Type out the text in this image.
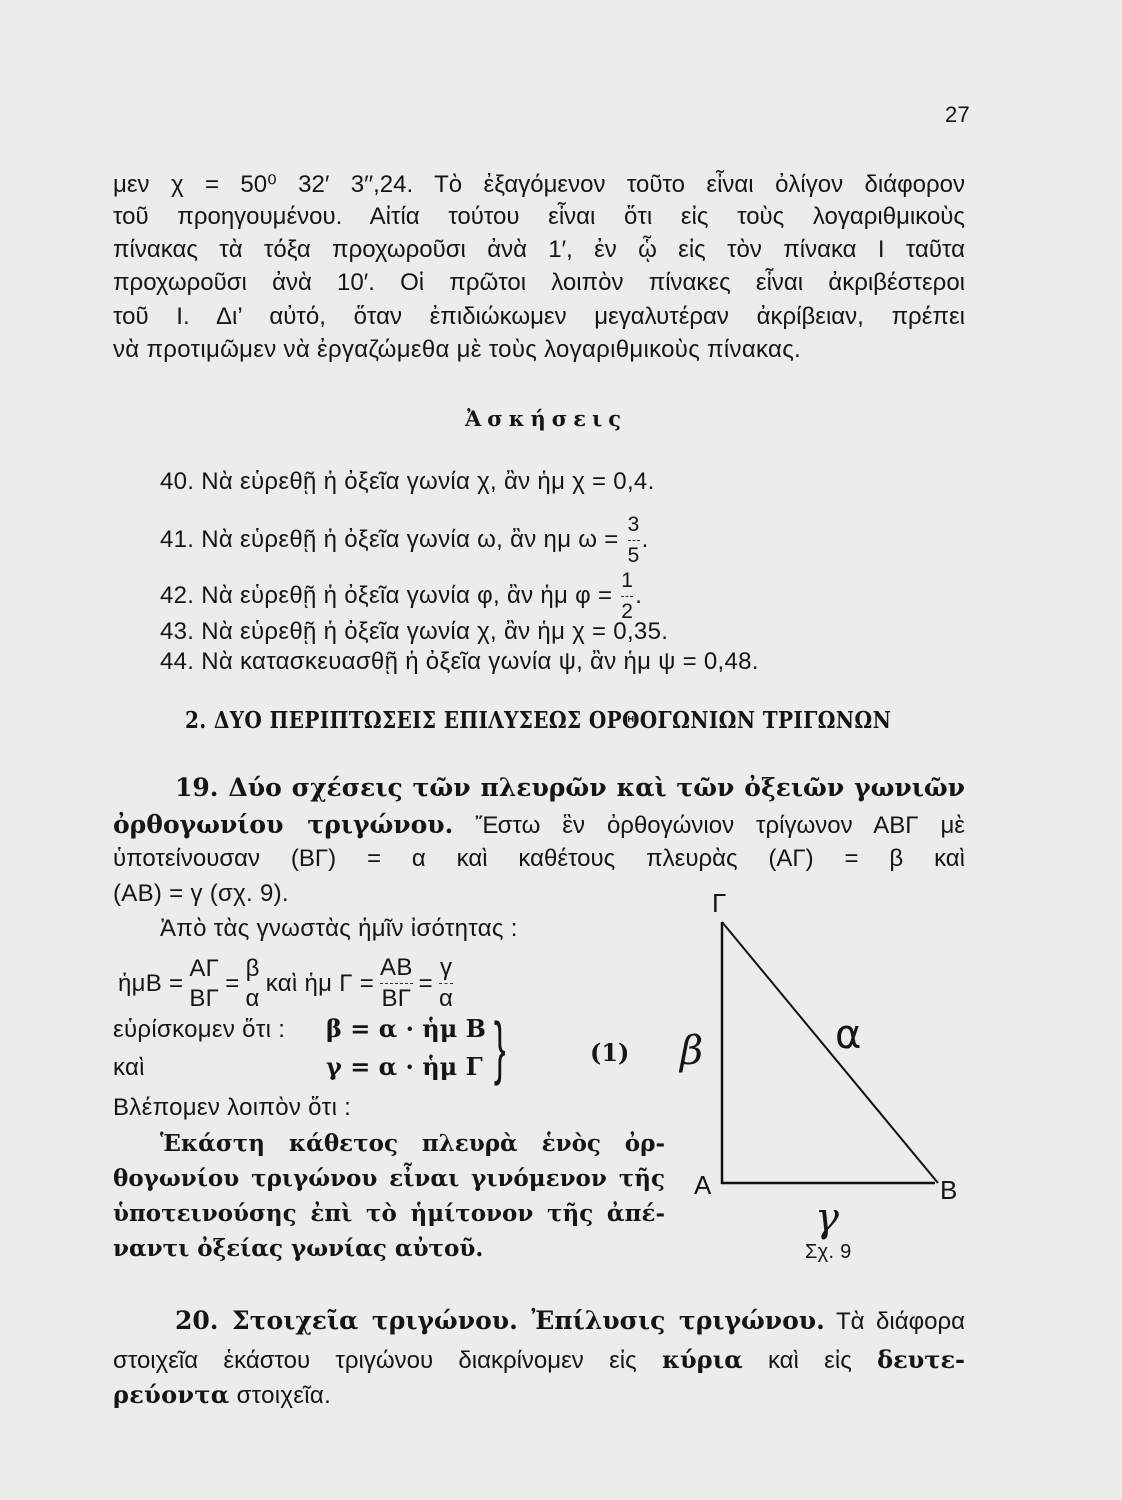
27
μεν χ = 50⁰ 32′ 3′′,24. Τὸ ἐξαγόμενον τοῦτο εἶναι ὀλίγον διάφορον
τοῦ προηγουμένου. Αἰτία τούτου εἶναι ὅτι εἰς τοὺς λογαριθμικοὺς
πίνακας τὰ τόξα προχωροῦσι ἀνὰ 1′, ἐν ᾧ εἰς τὸν πίνακα Ι ταῦτα
προχωροῦσι ἀνὰ 10′. Οἱ πρῶτοι λοιπὸν πίνακες εἶναι ἀκριβέστεροι
τοῦ Ι. Δι’ αὐτό, ὅταν ἐπιδιώκωμεν μεγαλυτέραν ἀκρίβειαν, πρέπει
νὰ προτιμῶμεν νὰ ἐργαζώμεθα μὲ τοὺς λογαριθμικοὺς πίνακας.
Ἀσκήσεις
40. Νὰ εὑρεθῇ ἡ ὀξεῖα γωνία χ, ἂν ἡμ χ = 0,4.
41. Νὰ εὑρεθῇ ἡ ὀξεῖα γωνία ω, ἂν ημ $\omega = \frac{3}{5}$ .
42. Νὰ εὑρεθῇ ἡ ὀξεῖα γωνία φ, ἂν ἡμ $\varphi = \frac{1}{2}$ .
43. Νὰ εὑρεθῇ ἡ ὀξεῖα γωνία χ, ἂν ἡμ χ = 0,35.
44. Νὰ κατασκευασθῇ ἡ ὀξεῖα γωνία ψ, ἂν ἡμ ψ = 0,48.
2. ΔΥΟ ΠΕΡΙΠΤΩΣΕΙΣ ΕΠΙΛΥΣΕΩΣ ΟΡΘΟΓΩΝΙΩΝ ΤΡΙΓΩΝΩΝ
19. Δύο σχέσεις τῶν πλευρῶν καὶ τῶν ὀξειῶν γωνιῶν
ὀρθογωνίου τριγώνου. Ἔστω ἓν ὀρθογώνιον τρίγωνον ΑΒΓ μὲ
ὑποτείνουσαν (ΒΓ) = α καὶ καθέτους πλευρὰς (ΑΓ) = β καὶ
(ΑΒ) = γ (σχ. 9).
Ἀπὸ τὰς γνωστὰς ἡμῖν ἰσότητας :
ἡμΒ =
ΑΓ
ΒΓ
=
β
α
καὶ ἡμ $\Gamma = \frac{AB}{B\Gamma} = \frac{\gamma}{\alpha}$
εὑρίσκομεν ὅτι :
καὶ
β = α · ἡμ Β
γ = α · ἡμ Γ }	(1)
Βλέπομεν λοιπὸν ὅτι :
Ἑκάστη κάθετος πλευρὰ ἑνὸς ὀρ-
θογωνίου τριγώνου εἶναι γινόμενον τῆς
ὑποτεινούσης ἐπὶ τὸ ἡμίτονον τῆς ἀπέ-
ναντι ὀξείας γωνίας αὐτοῦ.
Γ
Α	Β
β	α
γ
Σχ. 9
20. Στοιχεῖα τριγώνου. Ἐπίλυσις τριγώνου. Τὰ διάφορα
στοιχεῖα ἑκάστου τριγώνου διακρίνομεν εἰς κύρια καὶ εἰς δευτε-
ρεύοντα στοιχεῖα.
